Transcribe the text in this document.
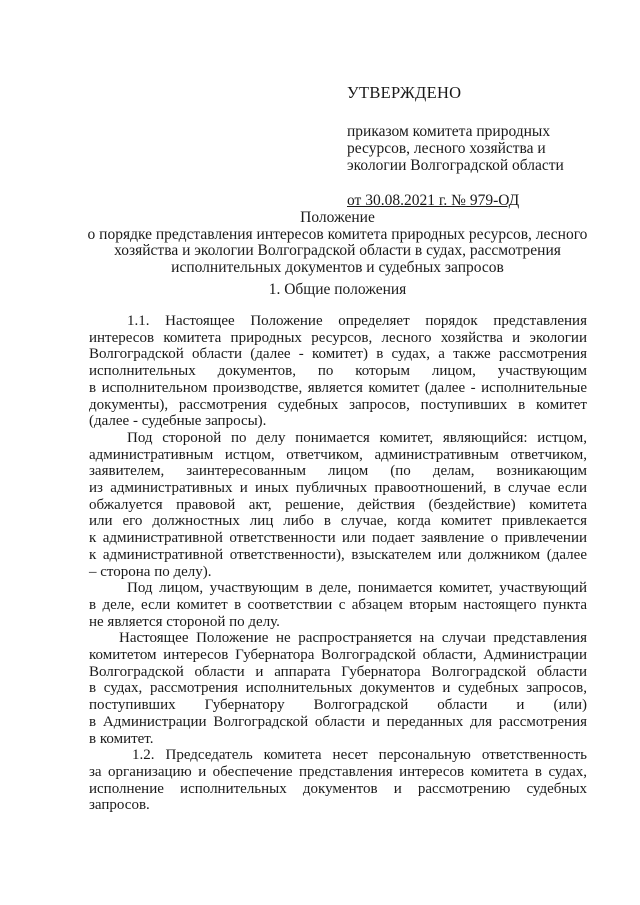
УТВЕРЖДЕНО
приказом комитета природных
ресурсов, лесного хозяйства и
экологии Волгоградской области
от 30.08.2021 г. № 979-ОД
Положение
о порядке представления интересов комитета природных ресурсов, лесного
хозяйства и экологии Волгоградской области в судах, рассмотрения
исполнительных документов и судебных запросов
1. Общие положения
1.1. Настоящее Положение определяет порядок представления
интересов комитета природных ресурсов, лесного хозяйства и экологии
Волгоградской области (далее - комитет) в судах, а также рассмотрения
исполнительных документов, по которым лицом, участвующим
в исполнительном производстве, является комитет (далее - исполнительные
документы), рассмотрения судебных запросов, поступивших в комитет
(далее - судебные запросы).
Под стороной по делу понимается комитет, являющийся: истцом,
административным истцом, ответчиком, административным ответчиком,
заявителем, заинтересованным лицом (по делам, возникающим
из административных и иных публичных правоотношений, в случае если
обжалуется правовой акт, решение, действия (бездействие) комитета
или его должностных лиц либо в случае, когда комитет привлекается
к административной ответственности или подает заявление о привлечении
к административной ответственности), взыскателем или должником (далее
– сторона по делу).
Под лицом, участвующим в деле, понимается комитет, участвующий
в деле, если комитет в соответствии с абзацем вторым настоящего пункта
не является стороной по делу.
Настоящее Положение не распространяется на случаи представления
комитетом интересов Губернатора Волгоградской области, Администрации
Волгоградской области и аппарата Губернатора Волгоградской области
в судах, рассмотрения исполнительных документов и судебных запросов,
поступивших Губернатору Волгоградской области и (или)
в Администрации Волгоградской области и переданных для рассмотрения
в комитет.
1.2. Председатель комитета несет персональную ответственность
за организацию и обеспечение представления интересов комитета в судах,
исполнение исполнительных документов и рассмотрению судебных
запросов.
